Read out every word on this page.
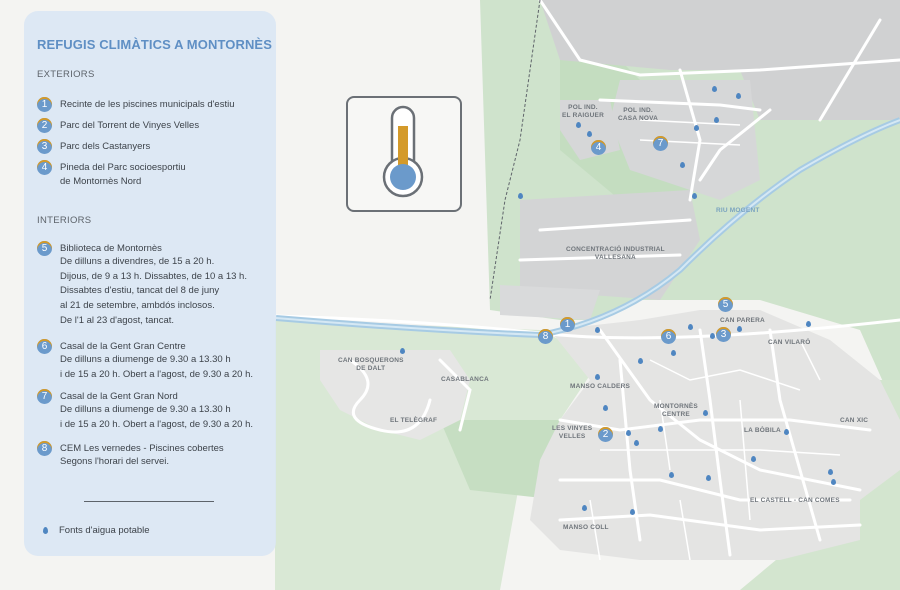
POL IND.
EL RAIGUER
POL IND.
CASA NOVA
RIU MOGENT
CONCENTRACIÓ INDUSTRIAL
VALLESANA
CAN PARERA
CAN VILARÓ
CAN BOSQUERONS
DE DALT
CASABLANCA
MANSO CALDERS
EL TELÈGRAF
MONTORNÈS
CENTRE
LES VINYES
VELLES
LA BÒBILA
CAN XIC
EL CASTELL - CAN COMES
MANSO COLL
1
2
3
4
5
6
7
8
REFUGIS CLIMÀTICS A MONTORNÈS
EXTERIORS
1	Recinte de les piscines municipals d'estiu
2	Parc del Torrent de Vinyes Velles
3	Parc dels Castanyers
4	Pineda del Parc socioesportiu
de Montornès Nord
INTERIORS
5	Biblioteca de Montornès
De dilluns a divendres, de 15 a 20 h.
Dijous, de 9 a 13 h. Dissabtes, de 10 a 13 h.
Dissabtes d'estiu, tancat del 8 de juny
al 21 de setembre, ambdós inclosos.
De l'1 al 23 d'agost, tancat.
6	Casal de la Gent Gran Centre
De dilluns a diumenge de 9.30 a 13.30 h
i de 15 a 20 h. Obert a l'agost, de 9.30 a 20 h.
7	Casal de la Gent Gran Nord
De dilluns a diumenge de 9.30 a 13.30 h
i de 15 a 20 h. Obert a l'agost, de 9.30 a 20 h.
8	CEM Les vernedes - Piscines cobertes
Segons l'horari del servei.
Fonts d'aigua potable
